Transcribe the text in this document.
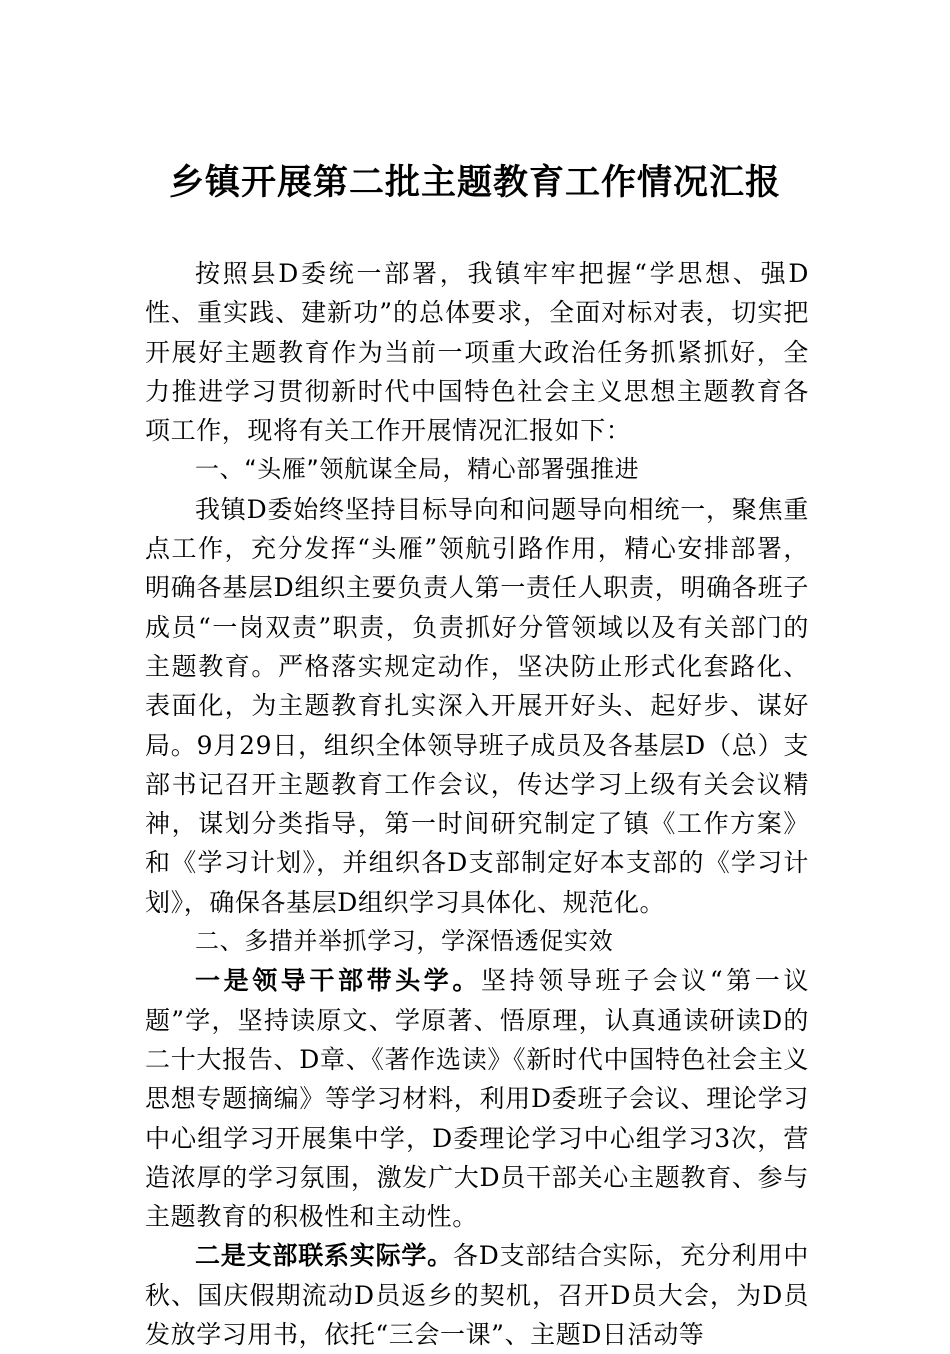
乡镇开展第二批主题教育工作情况汇报

按照县D委统一部署，我镇牢牢把握“学思想、强D性、重实践、建新功”的总体要求，全面对标对表，切实把开展好主题教育作为当前一项重大政治任务抓紧抓好，全力推进学习贯彻新时代中国特色社会主义思想主题教育各项工作，现将有关工作开展情况汇报如下：

一、“头雁”领航谋全局，精心部署强推进

我镇D委始终坚持目标导向和问题导向相统一，聚焦重点工作，充分发挥“头雁”领航引路作用，精心安排部署，明确各基层D组织主要负责人第一责任人职责，明确各班子成员“一岗双责”职责，负责抓好分管领域以及有关部门的主题教育。严格落实规定动作，坚决防止形式化套路化、表面化，为主题教育扎实深入开展开好头、起好步、谋好局。9月29日，组织全体领导班子成员及各基层D（总）支部书记召开主题教育工作会议，传达学习上级有关会议精神，谋划分类指导，第一时间研究制定了镇《工作方案》和《学习计划》，并组织各D支部制定好本支部的《学习计划》，确保各基层D组织学习具体化、规范化。

二、多措并举抓学习，学深悟透促实效

一是领导干部带头学。坚持领导班子会议“第一议题”学，坚持读原文、学原著、悟原理，认真通读研读D的二十大报告、D章、《著作选读》《新时代中国特色社会主义思想专题摘编》等学习材料，利用D委班子会议、理论学习中心组学习开展集中学，D委理论学习中心组学习3次，营造浓厚的学习氛围，激发广大D员干部关心主题教育、参与主题教育的积极性和主动性。

二是支部联系实际学。各D支部结合实际，充分利用中秋、国庆假期流动D员返乡的契机，召开D员大会，为D员发放学习用书，依托“三会一课”、主题D日活动等
